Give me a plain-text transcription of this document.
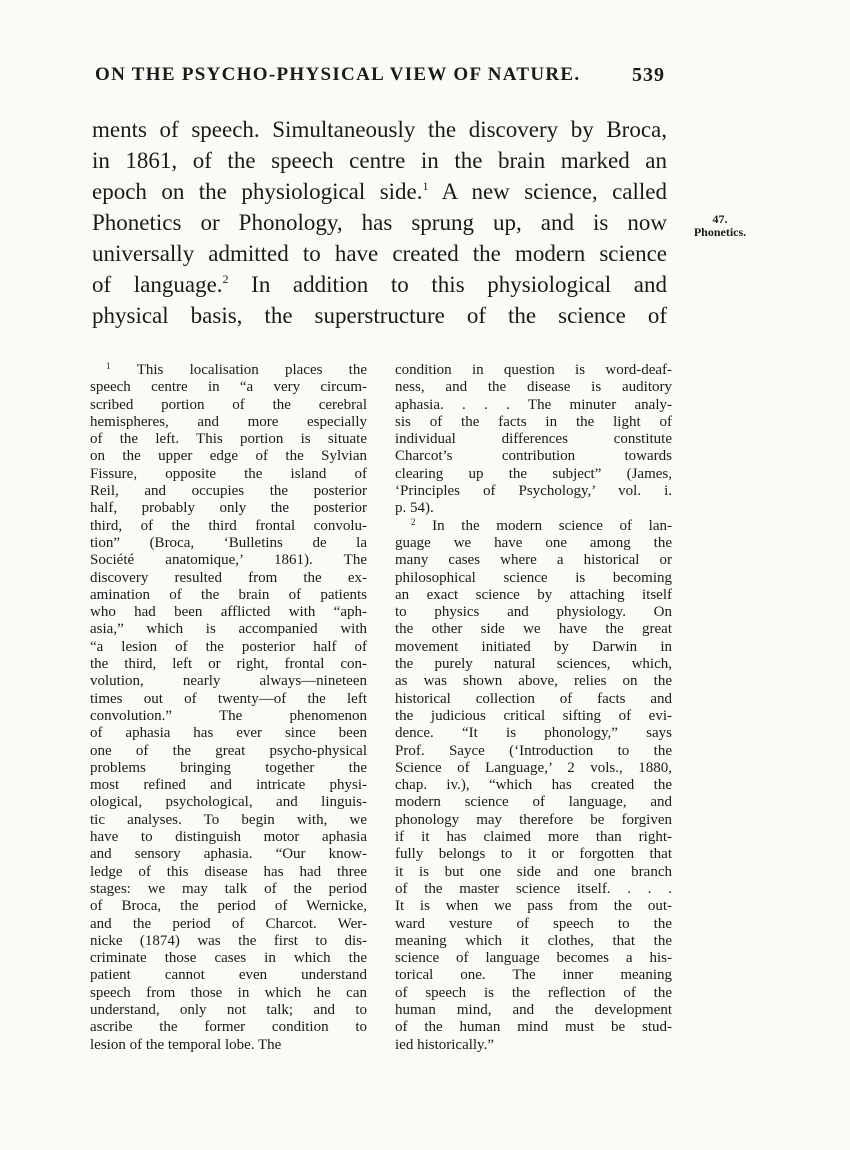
ON THE PSYCHO-PHYSICAL VIEW OF NATURE.	539
ments of speech. Simultaneously the discovery by Broca,
in 1861, of the speech centre in the brain marked an
epoch on the physiological side.$^1$ A new science, called
Phonetics or Phonology, has sprung up, and is now
universally admitted to have created the modern science
of language.$^2$ In addition to this physiological and
physical basis, the superstructure of the science of
47.
Phonetics.
$^1$ This localisation places the
speech centre in “a very circum-
scribed portion of the cerebral
hemispheres, and more especially
of the left. This portion is situate
on the upper edge of the Sylvian
Fissure, opposite the island of
Reil, and occupies the posterior
half, probably only the posterior
third, of the third frontal convolu-
tion” (Broca, ‘Bulletins de la
Société anatomique,’ 1861). The
discovery resulted from the ex-
amination of the brain of patients
who had been afflicted with “aph-
asia,” which is accompanied with
“a lesion of the posterior half of
the third, left or right, frontal con-
volution, nearly always—nineteen
times out of twenty—of the left
convolution.” The phenomenon
of aphasia has ever since been
one of the great psycho-physical
problems bringing together the
most refined and intricate physi-
ological, psychological, and linguis-
tic analyses. To begin with, we
have to distinguish motor aphasia
and sensory aphasia. “Our know-
ledge of this disease has had three
stages: we may talk of the period
of Broca, the period of Wernicke,
and the period of Charcot. Wer-
nicke (1874) was the first to dis-
criminate those cases in which the
patient cannot even understand
speech from those in which he can
understand, only not talk; and to
ascribe the former condition to
lesion of the temporal lobe. The
condition in question is word-deaf-
ness, and the disease is auditory
aphasia. . . . The minuter analy-
sis of the facts in the light of
individual differences constitute
Charcot’s contribution towards
clearing up the subject” (James,
‘Principles of Psychology,’ vol. i.
p. 54).
$^2$ In the modern science of lan-
guage we have one among the
many cases where a historical or
philosophical science is becoming
an exact science by attaching itself
to physics and physiology. On
the other side we have the great
movement initiated by Darwin in
the purely natural sciences, which,
as was shown above, relies on the
historical collection of facts and
the judicious critical sifting of evi-
dence. “It is phonology,” says
Prof. Sayce (‘Introduction to the
Science of Language,’ 2 vols., 1880,
chap. iv.), “which has created the
modern science of language, and
phonology may therefore be forgiven
if it has claimed more than right-
fully belongs to it or forgotten that
it is but one side and one branch
of the master science itself. . . .
It is when we pass from the out-
ward vesture of speech to the
meaning which it clothes, that the
science of language becomes a his-
torical one. The inner meaning
of speech is the reflection of the
human mind, and the development
of the human mind must be stud-
ied historically.”
